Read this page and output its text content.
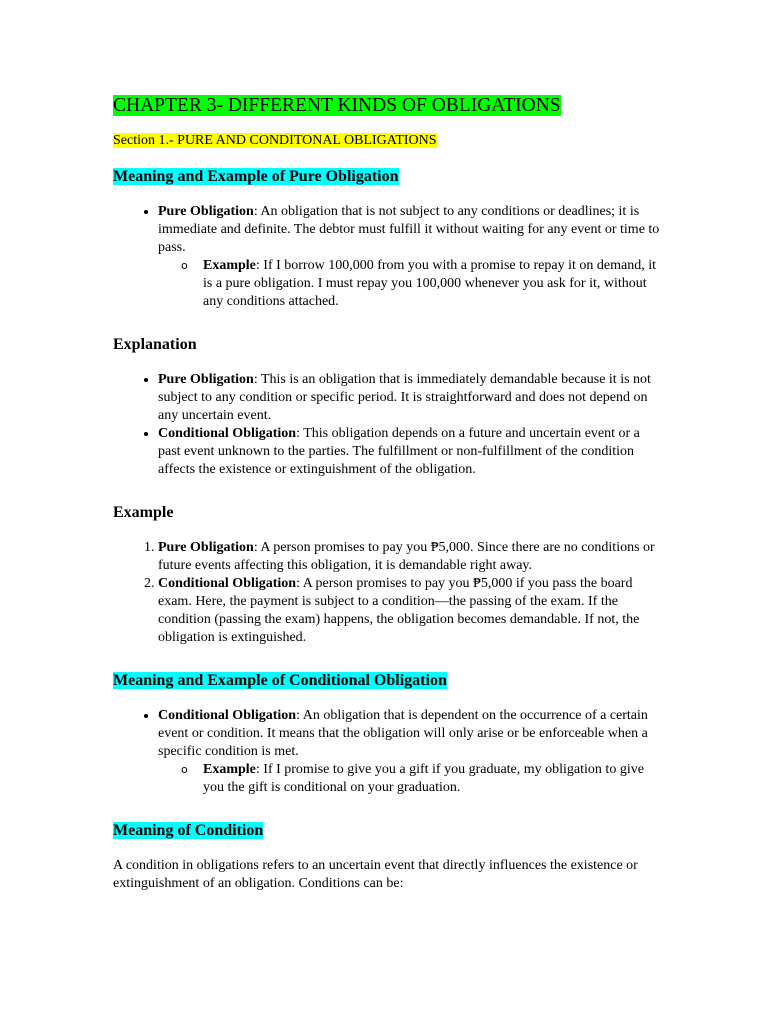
CHAPTER 3- DIFFERENT KINDS OF OBLIGATIONS
Section 1.- PURE AND CONDITONAL OBLIGATIONS
Meaning and Example of Pure Obligation
• Pure Obligation: An obligation that is not subject to any conditions or deadlines; it is immediate and definite. The debtor must fulfill it without waiting for any event or time to pass.
o Example: If I borrow 100,000 from you with a promise to repay it on demand, it is a pure obligation. I must repay you 100,000 whenever you ask for it, without any conditions attached.
Explanation
• Pure Obligation: This is an obligation that is immediately demandable because it is not subject to any condition or specific period. It is straightforward and does not depend on any uncertain event.
• Conditional Obligation: This obligation depends on a future and uncertain event or a past event unknown to the parties. The fulfillment or non-fulfillment of the condition affects the existence or extinguishment of the obligation.
Example
1. Pure Obligation: A person promises to pay you ₱5,000. Since there are no conditions or future events affecting this obligation, it is demandable right away.
2. Conditional Obligation: A person promises to pay you ₱5,000 if you pass the board exam. Here, the payment is subject to a condition—the passing of the exam. If the condition (passing the exam) happens, the obligation becomes demandable. If not, the obligation is extinguished.
Meaning and Example of Conditional Obligation
• Conditional Obligation: An obligation that is dependent on the occurrence of a certain event or condition. It means that the obligation will only arise or be enforceable when a specific condition is met.
o Example: If I promise to give you a gift if you graduate, my obligation to give you the gift is conditional on your graduation.
Meaning of Condition

A condition in obligations refers to an uncertain event that directly influences the existence or extinguishment of an obligation. Conditions can be:
